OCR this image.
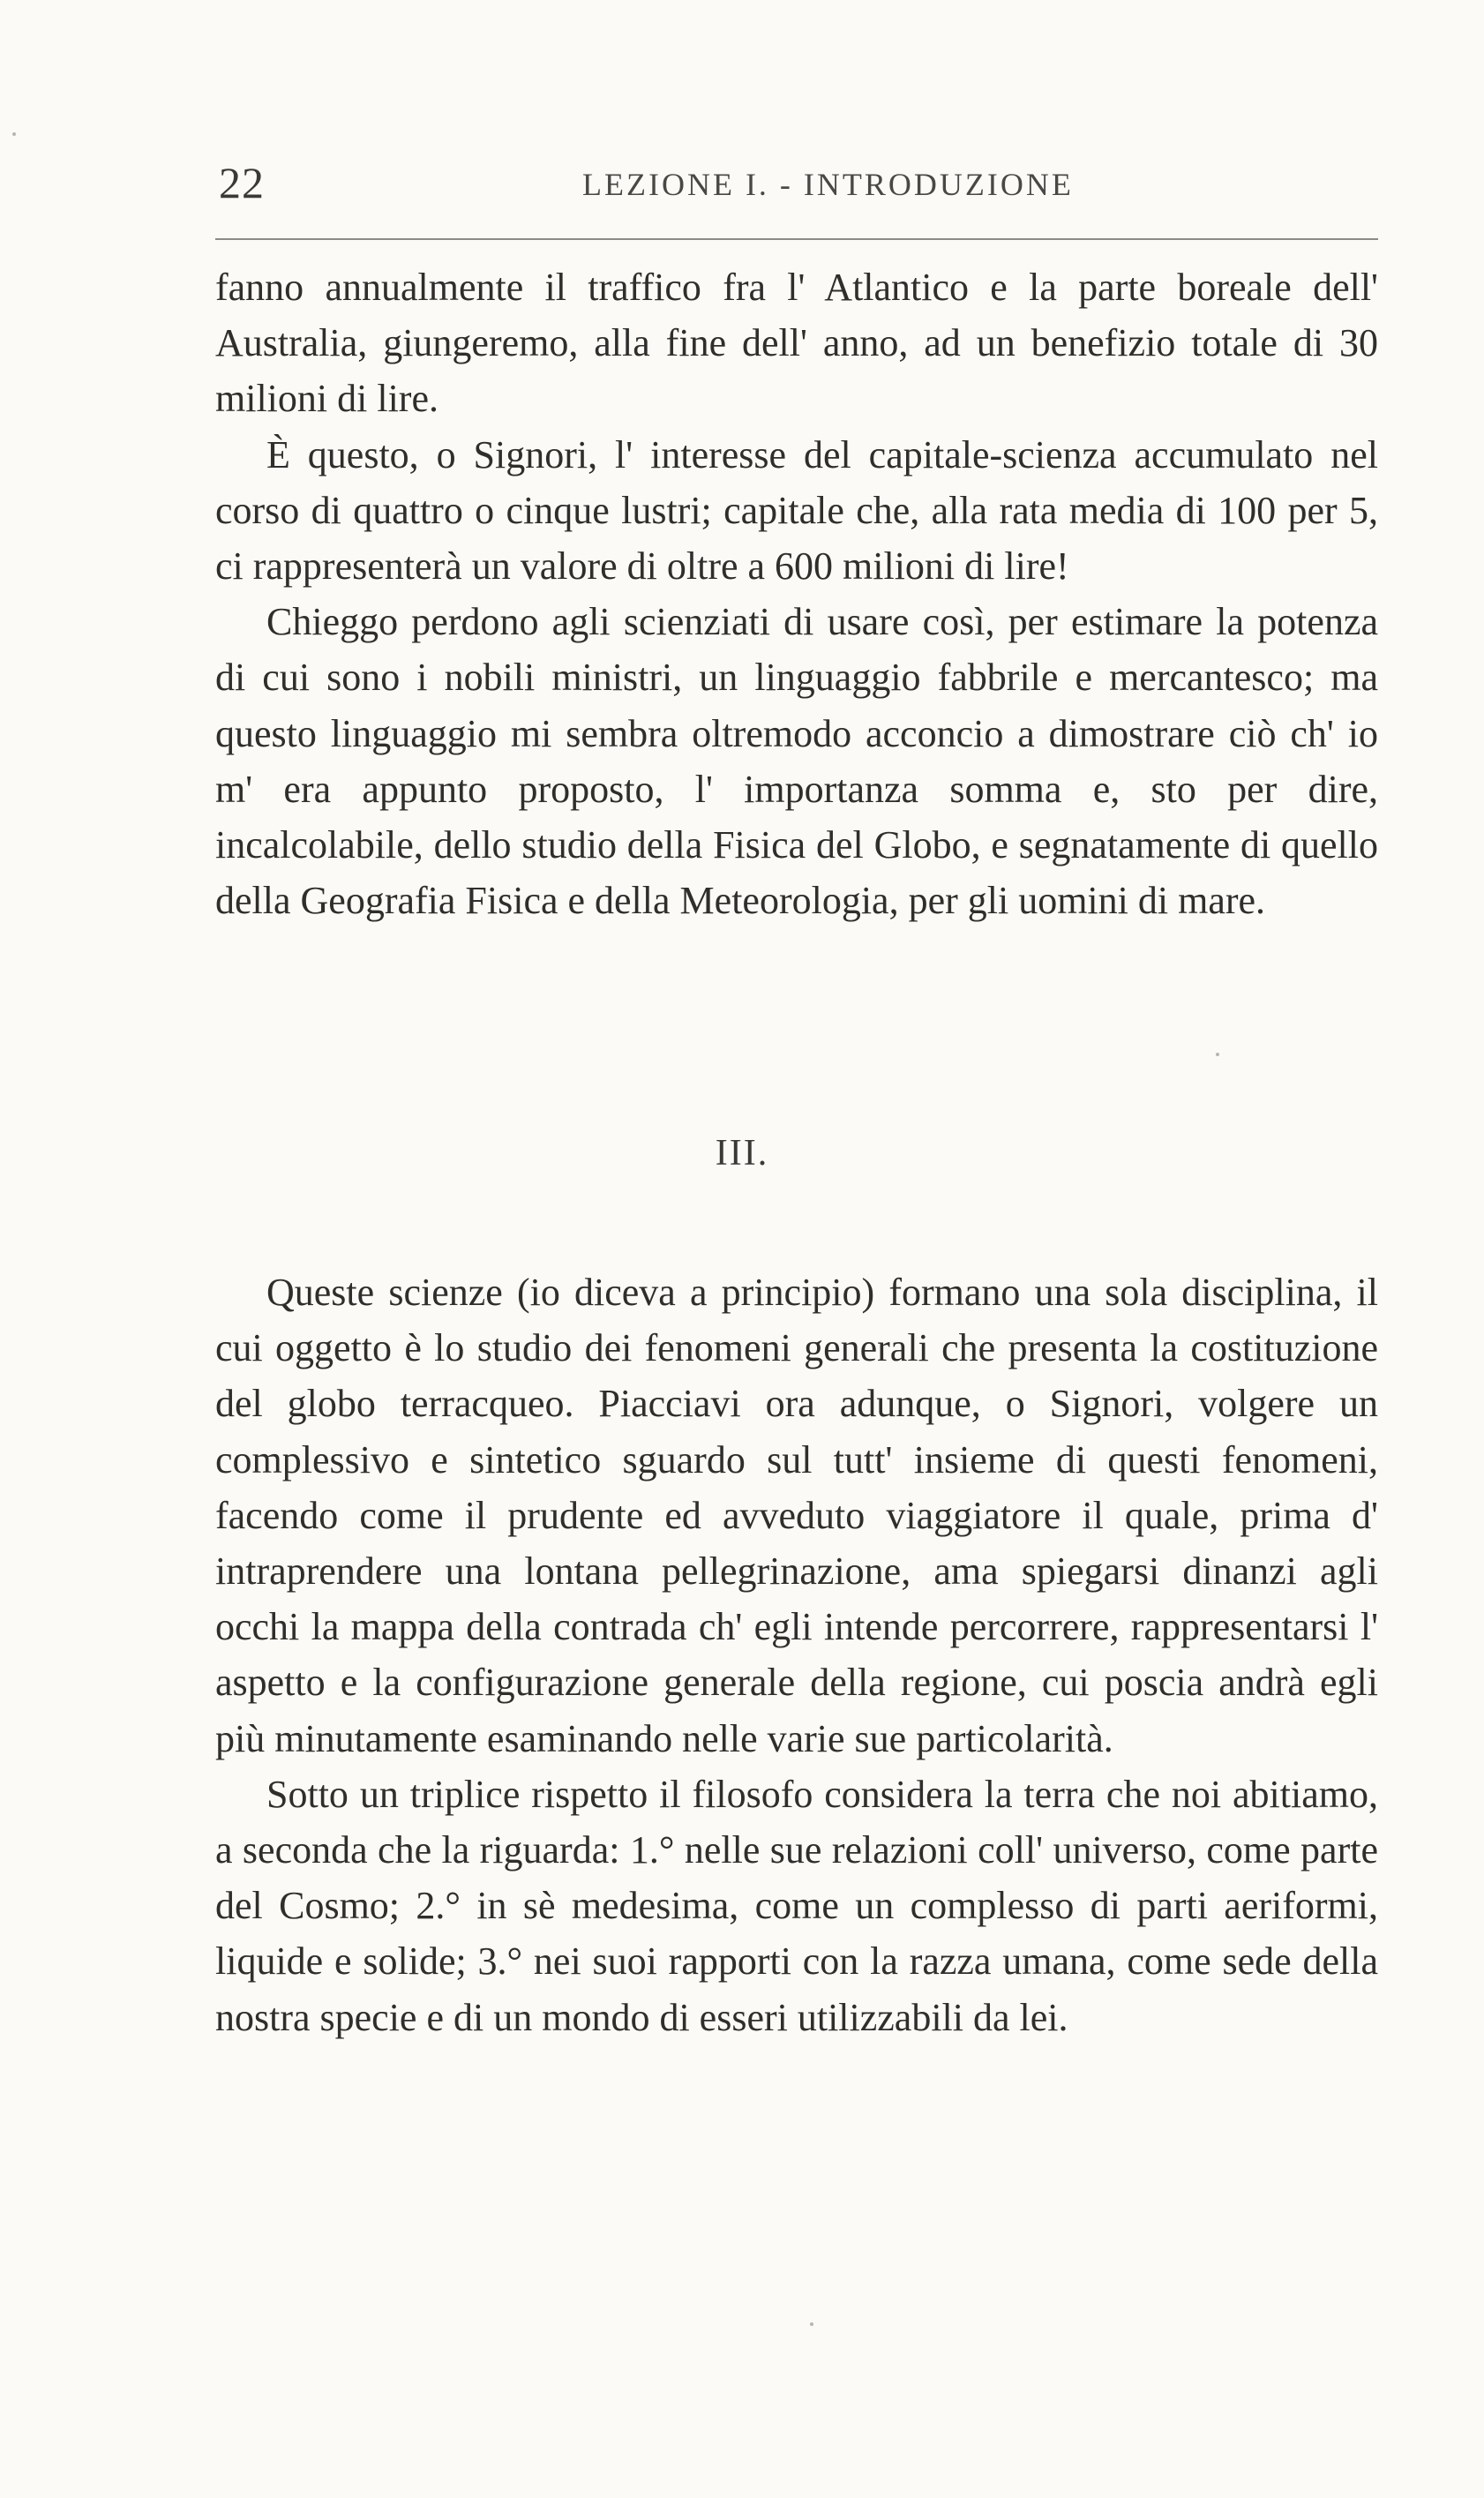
22	LEZIONE I. - INTRODUZIONE

fanno annualmente il traffico fra l' Atlantico e la parte boreale dell' Australia, giungeremo, alla fine dell' anno, ad un benefizio totale di 30 milioni di lire.

È questo, o Signori, l' interesse del capitale-scienza accumulato nel corso di quattro o cinque lustri; capitale che, alla rata media di 100 per 5, ci rappresenterà un valore di oltre a 600 milioni di lire!

Chieggo perdono agli scienziati di usare così, per estimare la potenza di cui sono i nobili ministri, un linguaggio fabbrile e mercantesco; ma questo linguaggio mi sembra oltremodo acconcio a dimostrare ciò ch' io m' era appunto proposto, l' importanza somma e, sto per dire, incalcolabile, dello studio della Fisica del Globo, e segnatamente di quello della Geografia Fisica e della Meteorologia, per gli uomini di mare.

III.

Queste scienze (io diceva a principio) formano una sola disciplina, il cui oggetto è lo studio dei fenomeni generali che presenta la costituzione del globo terracqueo. Piacciavi ora adunque, o Signori, volgere un complessivo e sintetico sguardo sul tutt' insieme di questi fenomeni, facendo come il prudente ed avveduto viaggiatore il quale, prima d' intraprendere una lontana pellegrinazione, ama spiegarsi dinanzi agli occhi la mappa della contrada ch' egli intende percorrere, rappresentarsi l' aspetto e la configurazione generale della regione, cui poscia andrà egli più minutamente esaminando nelle varie sue particolarità.

Sotto un triplice rispetto il filosofo considera la terra che noi abitiamo, a seconda che la riguarda: 1.° nelle sue relazioni coll' universo, come parte del Cosmo; 2.° in sè medesima, come un complesso di parti aeriformi, liquide e solide; 3.° nei suoi rapporti con la razza umana, come sede della nostra specie e di un mondo di esseri utilizzabili da lei.
